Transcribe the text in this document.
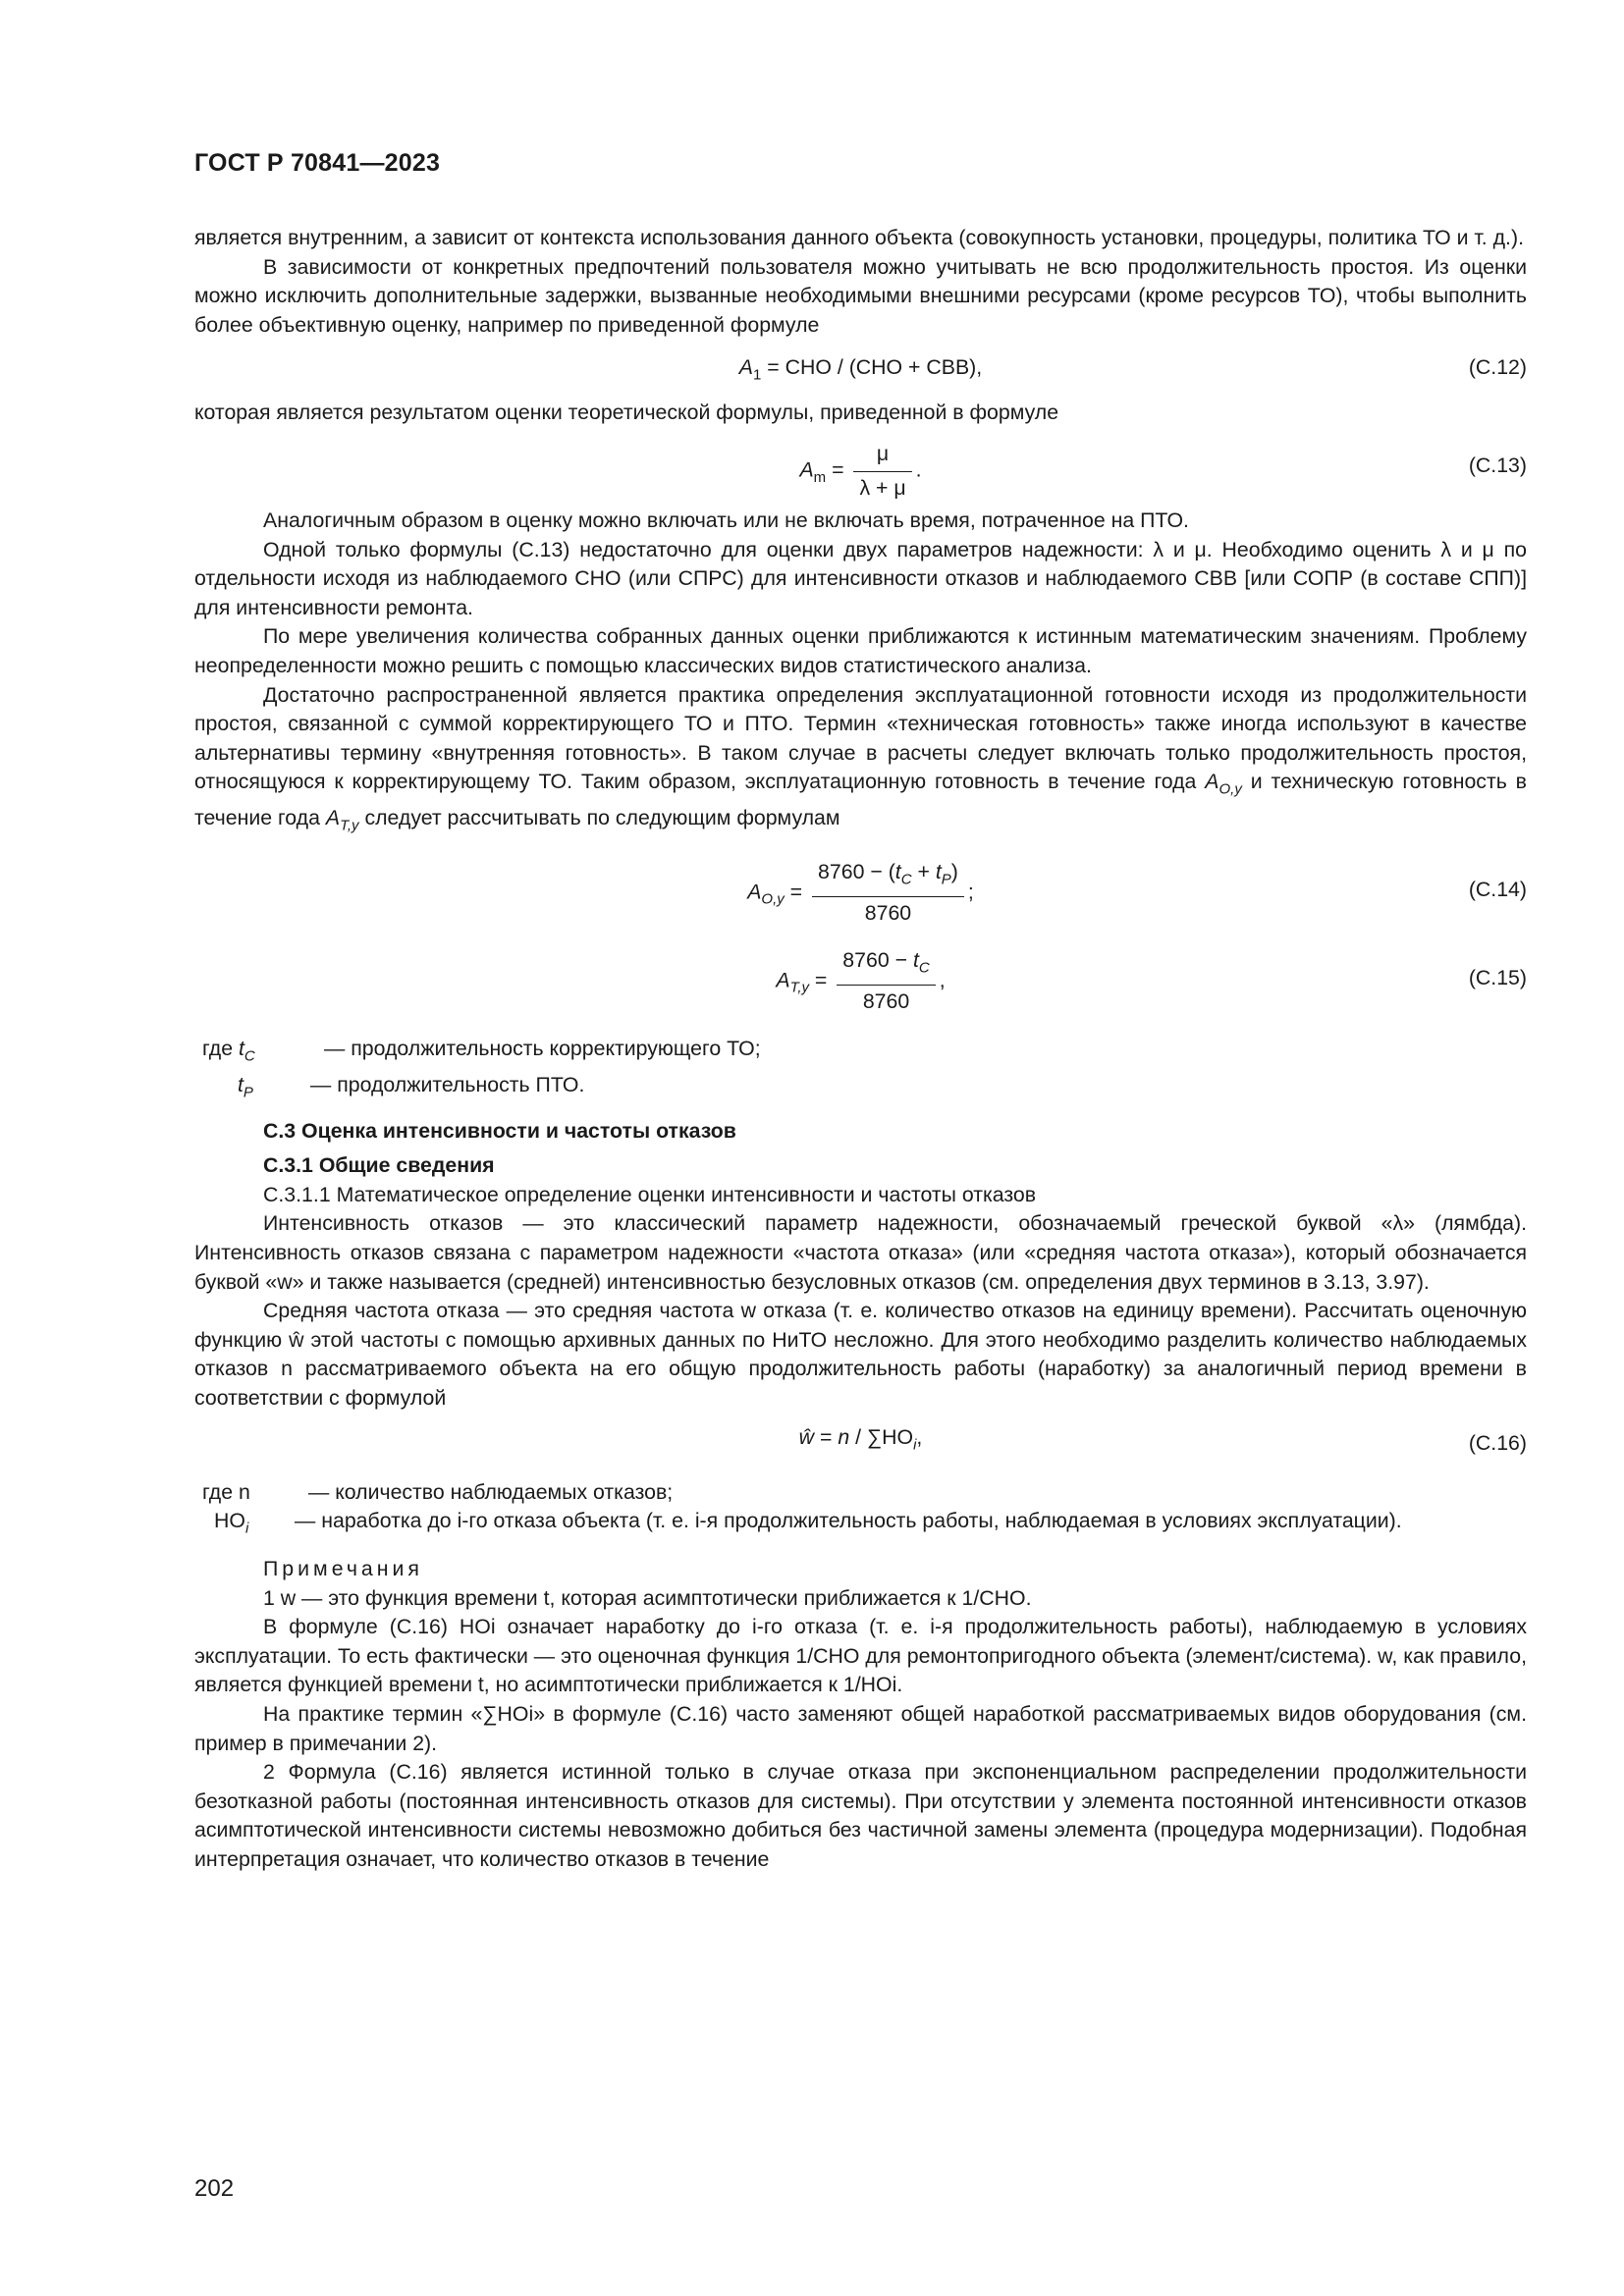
ГОСТ Р 70841—2023

является внутренним, а зависит от контекста использования данного объекта (совокупность установки, процедуры, политика ТО и т. д.).

В зависимости от конкретных предпочтений пользователя можно учитывать не всю продолжительность простоя. Из оценки можно исключить дополнительные задержки, вызванные необходимыми внешними ресурсами (кроме ресурсов ТО), чтобы выполнить более объективную оценку, например по приведенной формуле

$A_1$ = СНО / (СНО + СВВ),	(С.12)

которая является результатом оценки теоретической формулы, приведенной в формуле

$A_m = \frac{\mu}{\lambda + \mu}$ .	(С.13)

Аналогичным образом в оценку можно включать или не включать время, потраченное на ПТО.

Одной только формулы (С.13) недостаточно для оценки двух параметров надежности: λ и μ. Необходимо оценить λ и μ по отдельности исходя из наблюдаемого СНО (или СПРС) для интенсивности отказов и наблюдаемого СВВ [или СОПР (в составе СПП)] для интенсивности ремонта.

По мере увеличения количества собранных данных оценки приближаются к истинным математическим значениям. Проблему неопределенности можно решить с помощью классических видов статистического анализа.

Достаточно распространенной является практика определения эксплуатационной готовности исходя из продолжительности простоя, связанной с суммой корректирующего ТО и ПТО. Термин «техническая готовность» также иногда используют в качестве альтернативы термину «внутренняя готовность». В таком случае в расчеты следует включать только продолжительность простоя, относящуюся к корректирующему ТО. Таким образом, эксплуатационную готовность в течение года $A_{O,y}$ и техническую готовность в течение года $A_{T,y}$ следует рассчитывать по следующим формулам

$A_{O,y} = \frac{8760 - (t_C + t_P)}{8760}$ ;	(С.14)
$A_{T,y} = \frac{8760 - t_C}{8760}$ ,	(С.15)
где $t_C$	— продолжительность корректирующего ТО;
$t_P$	— продолжительность ПТО.

С.3 Оценка интенсивности и частоты отказов

С.3.1 Общие сведения

С.3.1.1 Математическое определение оценки интенсивности и частоты отказов

Интенсивность отказов — это классический параметр надежности, обозначаемый греческой буквой «λ» (лямбда). Интенсивность отказов связана с параметром надежности «частота отказа» (или «средняя частота отказа»), который обозначается буквой «w» и также называется (средней) интенсивностью безусловных отказов (см. определения двух терминов в 3.13, 3.97).

Средняя частота отказа — это средняя частота w отказа (т. е. количество отказов на единицу времени). Рассчитать оценочную функцию ŵ этой частоты с помощью архивных данных по НиТО несложно. Для этого необходимо разделить количество наблюдаемых отказов n рассматриваемого объекта на его общую продолжительность работы (наработку) за аналогичный период времени в соответствии с формулой

ŵ = n / $\sum НО_i$,	(С.16)
где n	— количество наблюдаемых отказов;
$НО_i$	— наработка до i-го отказа объекта (т. е. i-я продолжительность работы, наблюдаемая в условиях эксплуатации).

Примечания

1 w — это функция времени t, которая асимптотически приближается к 1/СНО.

В формуле (С.16) НОi означает наработку до i-го отказа (т. е. i-я продолжительность работы), наблюдаемую в условиях эксплуатации. То есть фактически — это оценочная функция 1/СНО для ремонтопригодного объекта (элемент/система). w, как правило, является функцией времени t, но асимптотически приближается к 1/НОi.

На практике термин «∑НОi» в формуле (С.16) часто заменяют общей наработкой рассматриваемых видов оборудования (см. пример в примечании 2).

2 Формула (С.16) является истинной только в случае отказа при экспоненциальном распределении продолжительности безотказной работы (постоянная интенсивность отказов для системы). При отсутствии у элемента постоянной интенсивности отказов асимптотической интенсивности системы невозможно добиться без частичной замены элемента (процедура модернизации). Подобная интерпретация означает, что количество отказов в течение

202
